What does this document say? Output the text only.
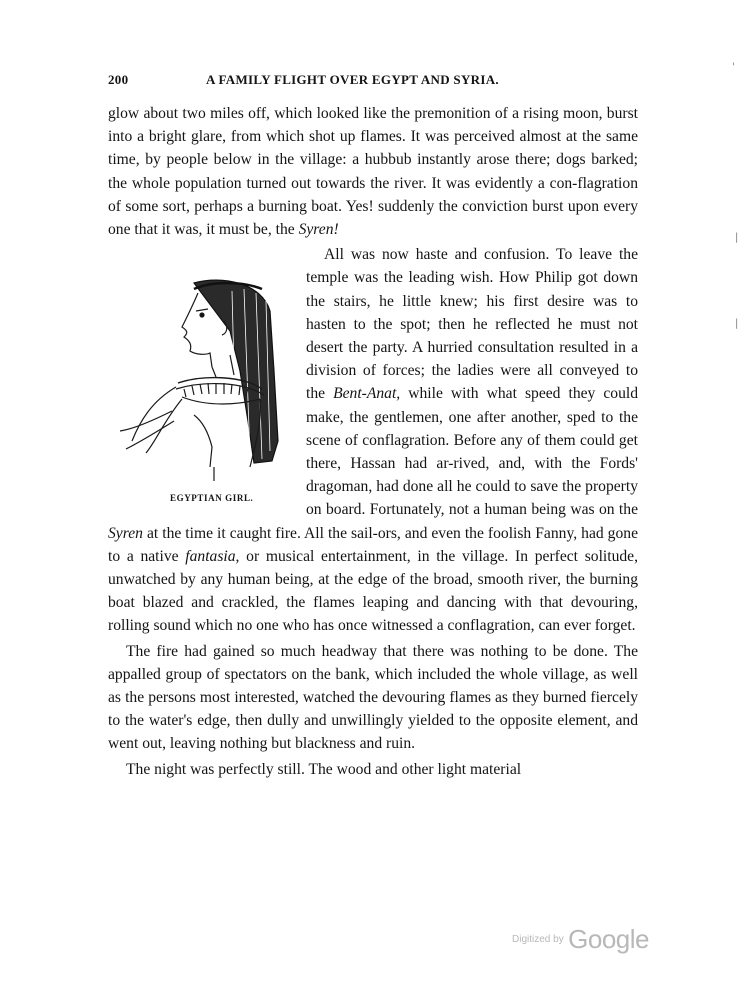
200	A FAMILY FLIGHT OVER EGYPT AND SYRIA.
'
|
|

glow about two miles off, which looked like the premonition of a rising moon, burst into a bright glare, from which shot up flames. It was perceived almost at the same time, by people below in the village: a hubbub instantly arose there; dogs barked; the whole population turned out towards the river. It was evidently a con-flagration of some sort, perhaps a burning boat. Yes! suddenly the conviction burst upon every one that it was, it must be, the Syren!

EGYPTIAN GIRL.
All was now haste and confusion. To leave the temple was the leading wish. How Philip got down the stairs, he little knew; his first desire was to hasten to the spot; then he reflected he must not desert the party. A hurried consultation resulted in a division of forces; the ladies were all conveyed to the Bent-Anat, while with what speed they could make, the gentlemen, one after another, sped to the scene of conflagration. Before any of them could get there, Hassan had ar-rived, and, with the Fords' dragoman, had done all he could to save the property on board. Fortunately, not a human being was on the Syren at the time it caught fire. All the sail-ors, and even the foolish Fanny, had gone to a native fantasia, or musical entertainment, in the village. In perfect solitude, unwatched by any human being, at the edge of the broad, smooth river, the burning boat blazed and crackled, the flames leaping and dancing with that devouring, rolling sound which no one who has once witnessed a conflagration, can ever forget.

The fire had gained so much headway that there was nothing to be done. The appalled group of spectators on the bank, which included the whole village, as well as the persons most interested, watched the devouring flames as they burned fiercely to the water's edge, then dully and unwillingly yielded to the opposite element, and went out, leaving nothing but blackness and ruin.

The night was perfectly still. The wood and other light material

Digitized by Google
